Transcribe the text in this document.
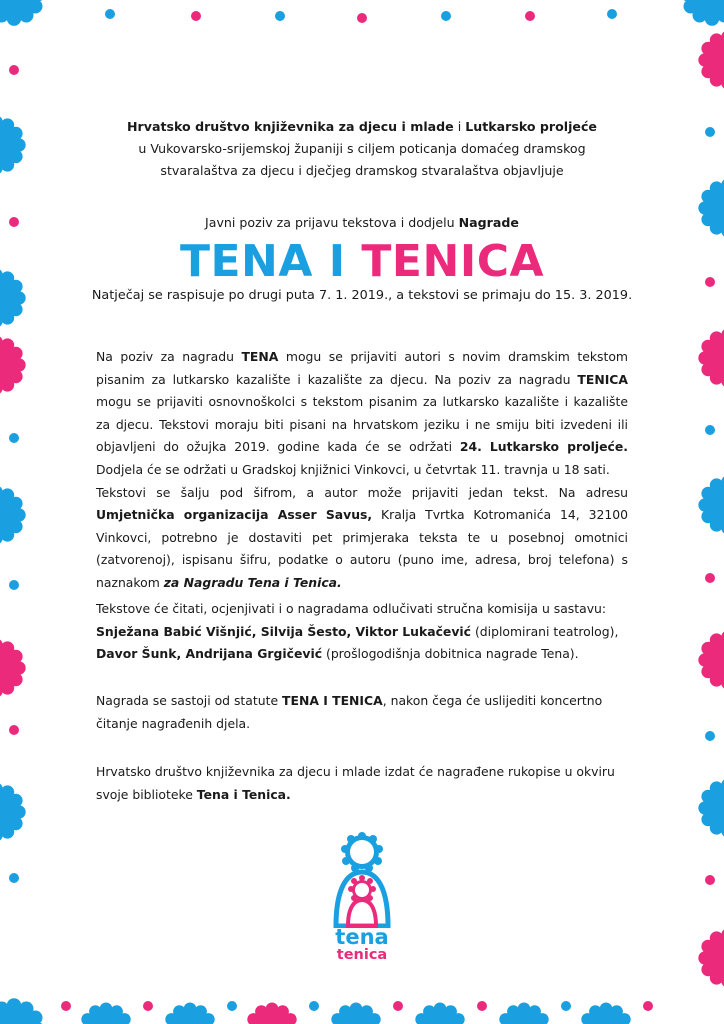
Hrvatsko društvo književnika za djecu i mlade i Lutkarsko proljeće
u Vukovarsko-srijemskoj županiji s ciljem poticanja domaćeg dramskog
stvaralaštva za djecu i dječjeg dramskog stvaralaštva objavljuje
Javni poziv za prijavu tekstova i dodjelu Nagrade
TENA I TENICA
Natječaj se raspisuje po drugi puta 7. 1. 2019., a tekstovi se primaju do 15. 3. 2019.

Na poziv za nagradu TENA mogu se prijaviti autori s novim dramskim tekstom pisanim za lutkarsko kazalište i kazalište za djecu. Na poziv za nagradu TENICA mogu se prijaviti osnovnoškolci s tekstom pisanim za lutkarsko kazalište i kazalište za djecu. Tekstovi moraju biti pisani na hrvatskom jeziku i ne smiju biti izvedeni ili objavljeni do ožujka 2019. godine kada će se održati 24. Lutkarsko proljeće. Dodjela će se održati u Gradskoj knjižnici Vinkovci, u četvrtak 11. travnja u 18 sati.

Tekstovi se šalju pod šifrom, a autor može prijaviti jedan tekst. Na adresu Umjetnička organizacija Asser Savus, Kralja Tvrtka Kotromanića 14, 32100 Vinkovci, potrebno je dostaviti pet primjeraka teksta te u posebnoj omotnici (zatvorenoj), ispisanu šifru, podatke o autoru (puno ime, adresa, broj telefona) s naznakom za Nagradu Tena i Tenica.

Tekstove će čitati, ocjenjivati i o nagradama odlučivati stručna komisija u sastavu:
Snježana Babić Višnjić, Silvija Šesto, Viktor Lukačević (diplomirani teatrolog), Davor Šunk, Andrijana Grgičević (prošlogodišnja dobitnica nagrade Tena).
Nagrada se sastoji od statute TENA I TENICA, nakon čega će uslijediti koncertno čitanje nagrađenih djela.
Hrvatsko društvo književnika za djecu i mlade izdat će nagrađene rukopise u okviru svoje biblioteke Tena i Tenica.
tena
tenica
